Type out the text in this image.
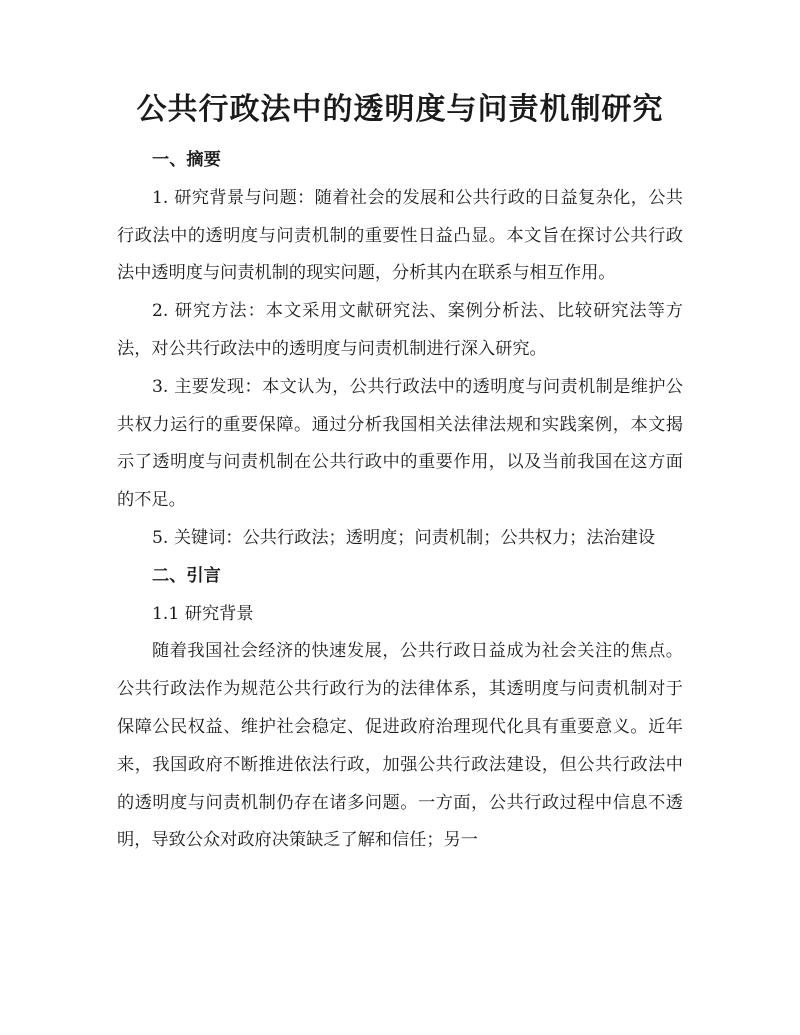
公共行政法中的透明度与问责机制研究

一、摘要

1. 研究背景与问题：随着社会的发展和公共行政的日益复杂化，公共行政法中的透明度与问责机制的重要性日益凸显。本文旨在探讨公共行政法中透明度与问责机制的现实问题，分析其内在联系与相互作用。

2. 研究方法：本文采用文献研究法、案例分析法、比较研究法等方法，对公共行政法中的透明度与问责机制进行深入研究。

3. 主要发现：本文认为，公共行政法中的透明度与问责机制是维护公共权力运行的重要保障。通过分析我国相关法律法规和实践案例，本文揭示了透明度与问责机制在公共行政中的重要作用，以及当前我国在这方面的不足。

5. 关键词：公共行政法；透明度；问责机制；公共权力；法治建设

二、引言

1.1 研究背景

随着我国社会经济的快速发展，公共行政日益成为社会关注的焦点。公共行政法作为规范公共行政行为的法律体系，其透明度与问责机制对于保障公民权益、维护社会稳定、促进政府治理现代化具有重要意义。近年来，我国政府不断推进依法行政，加强公共行政法建设，但公共行政法中的透明度与问责机制仍存在诸多问题。一方面，公共行政过程中信息不透明，导致公众对政府决策缺乏了解和信任；另一
